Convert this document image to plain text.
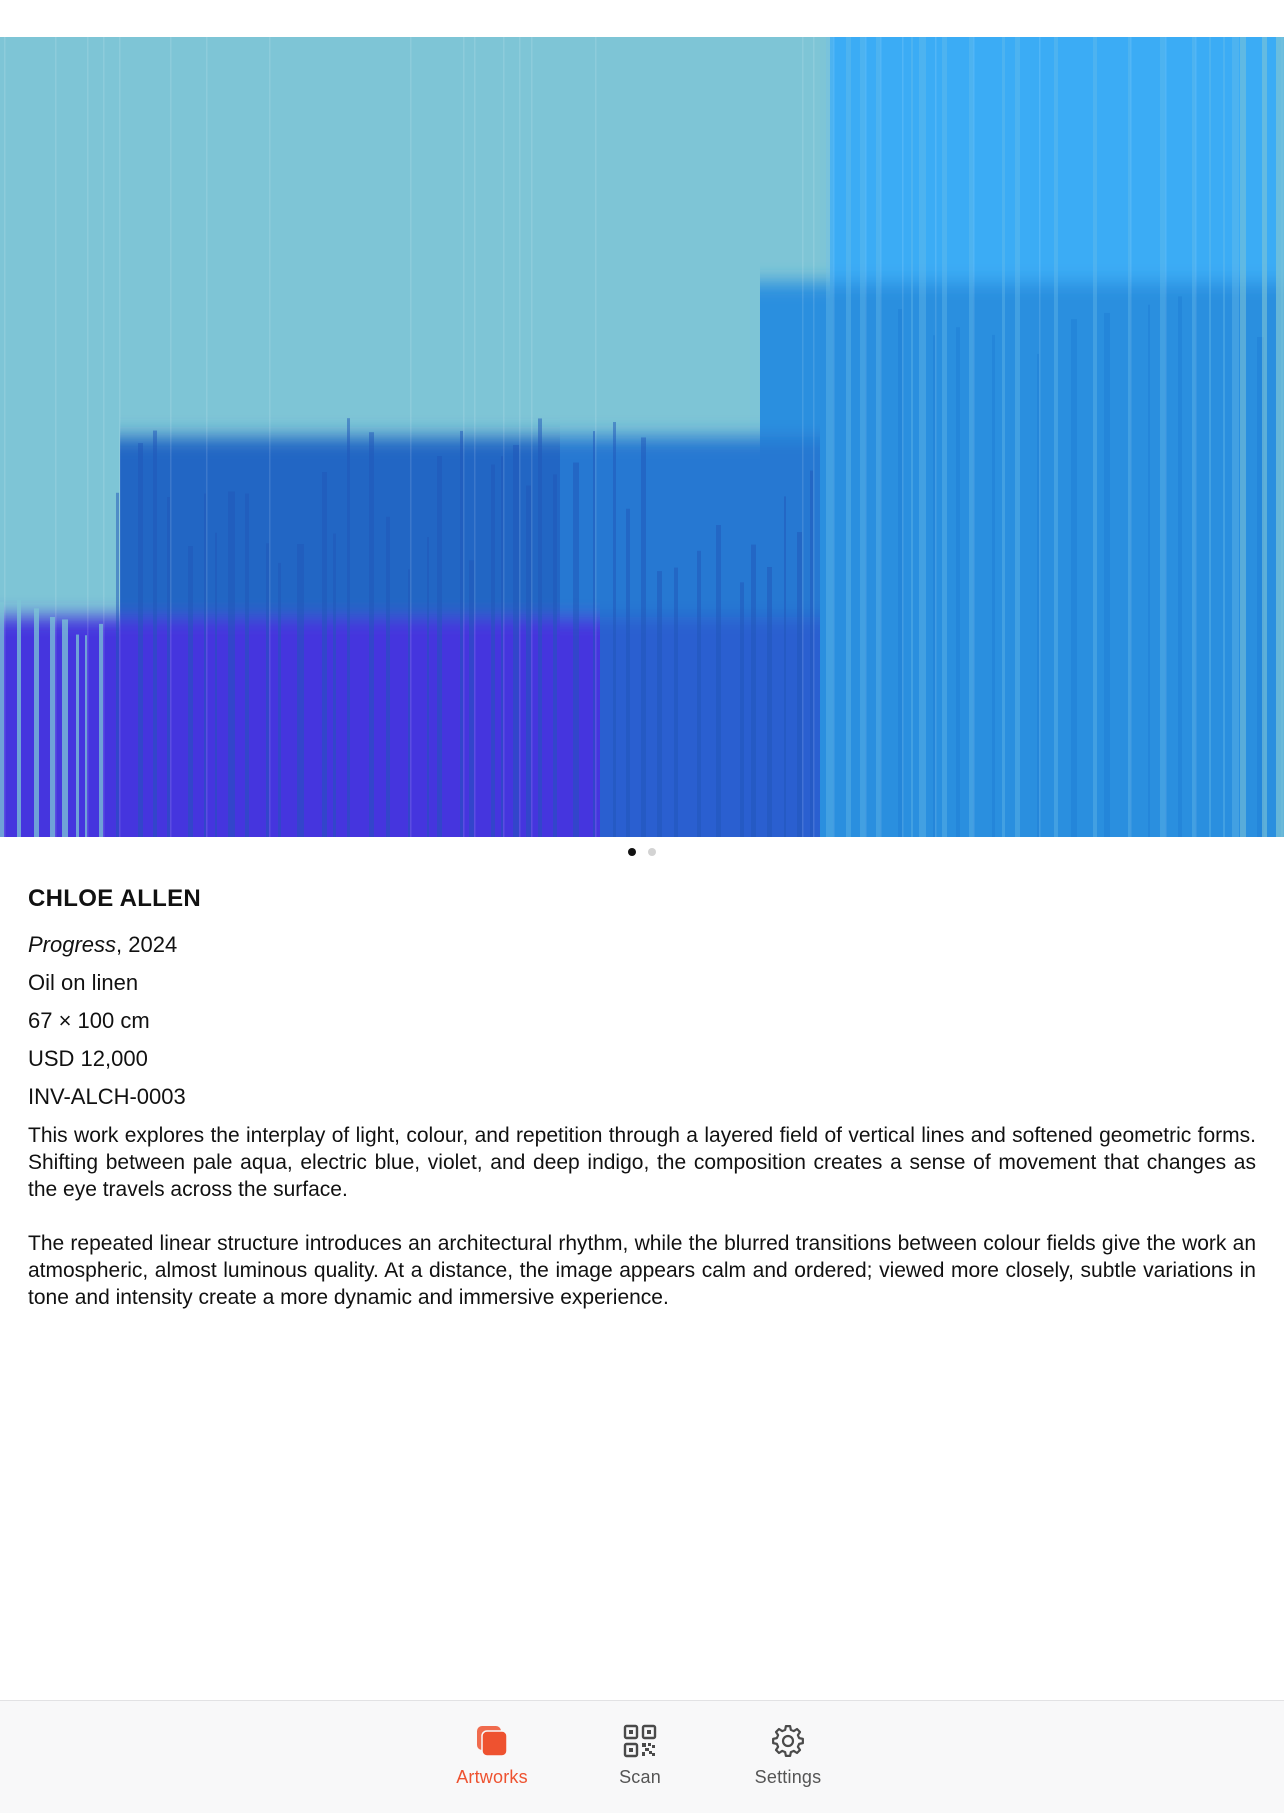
CHLOE ALLEN
Progress, 2024
Oil on linen
67 × 100 cm
USD 12,000
INV-ALCH-0003

This work explores the interplay of light, colour, and repetition through a layered field of vertical lines and softened geometric forms. Shifting between pale aqua, electric blue, violet, and deep indigo, the composition creates a sense of movement that changes as the eye travels across the surface.

The repeated linear structure introduces an architectural rhythm, while the blurred transitions between colour fields give the work an atmospheric, almost luminous quality. At a distance, the image appears calm and ordered; viewed more closely, subtle variations in tone and intensity create a more dynamic and immersive experience.

Artworks	Scan	Settings
